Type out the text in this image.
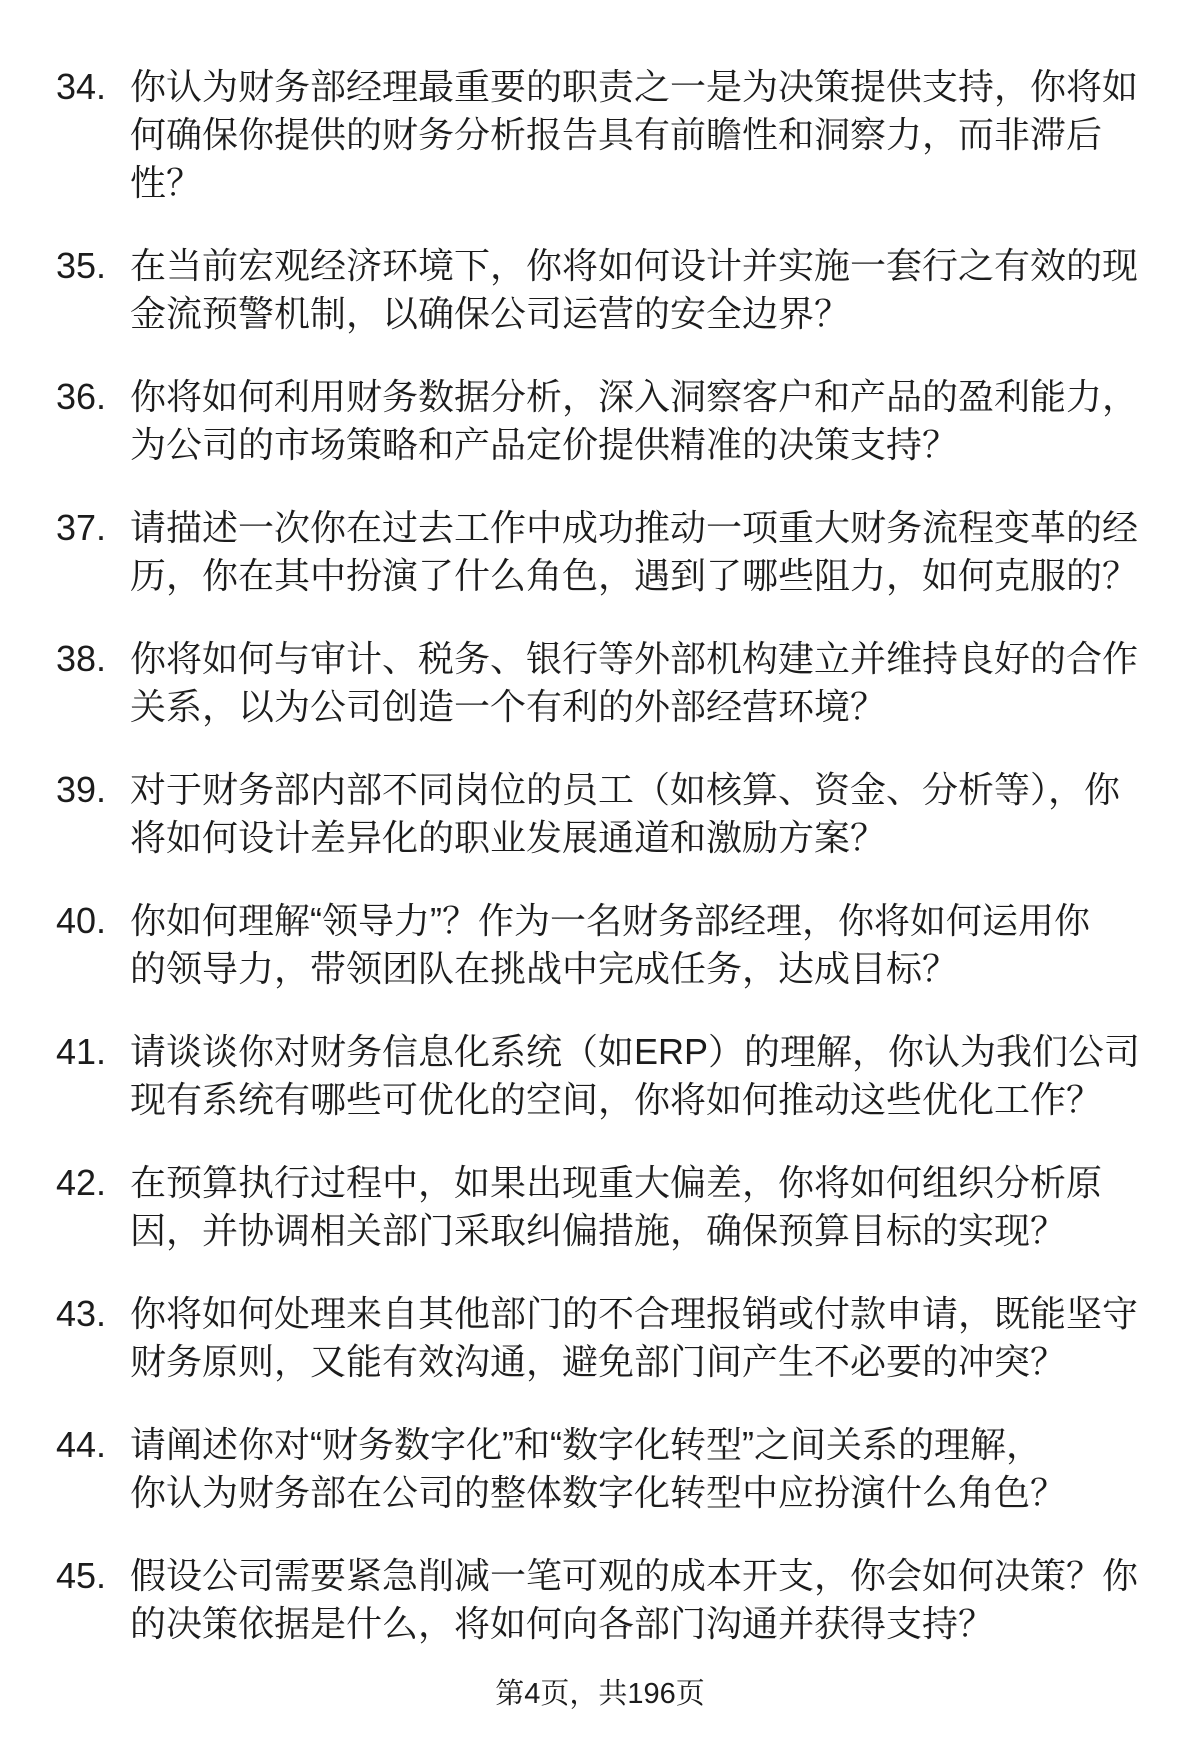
34. 你认为财务部经理最重要的职责之一是为决策提供支持，你将如
何确保你提供的财务分析报告具有前瞻性和洞察力，而非滞后
性？
35. 在当前宏观经济环境下，你将如何设计并实施一套行之有效的现
金流预警机制，以确保公司运营的安全边界？
36. 你将如何利用财务数据分析，深入洞察客户和产品的盈利能力，
为公司的市场策略和产品定价提供精准的决策支持？
37. 请描述一次你在过去工作中成功推动一项重大财务流程变革的经
历，你在其中扮演了什么角色，遇到了哪些阻力，如何克服的？
38. 你将如何与审计、税务、银行等外部机构建立并维持良好的合作
关系，以为公司创造一个有利的外部经营环境？
39. 对于财务部内部不同岗位的员工（如核算、资金、分析等），你
将如何设计差异化的职业发展通道和激励方案？
40. 你如何理解“领导力”？作为一名财务部经理，你将如何运用你
的领导力，带领团队在挑战中完成任务，达成目标？
41. 请谈谈你对财务信息化系统（如ERP）的理解，你认为我们公司
现有系统有哪些可优化的空间，你将如何推动这些优化工作？
42. 在预算执行过程中，如果出现重大偏差，你将如何组织分析原
因，并协调相关部门采取纠偏措施，确保预算目标的实现？
43. 你将如何处理来自其他部门的不合理报销或付款申请，既能坚守
财务原则，又能有效沟通，避免部门间产生不必要的冲突？
44. 请阐述你对“财务数字化”和“数字化转型”之间关系的理解，
你认为财务部在公司的整体数字化转型中应扮演什么角色？
45. 假设公司需要紧急削减一笔可观的成本开支，你会如何决策？你
的决策依据是什么，将如何向各部门沟通并获得支持？
第4页，共196页
